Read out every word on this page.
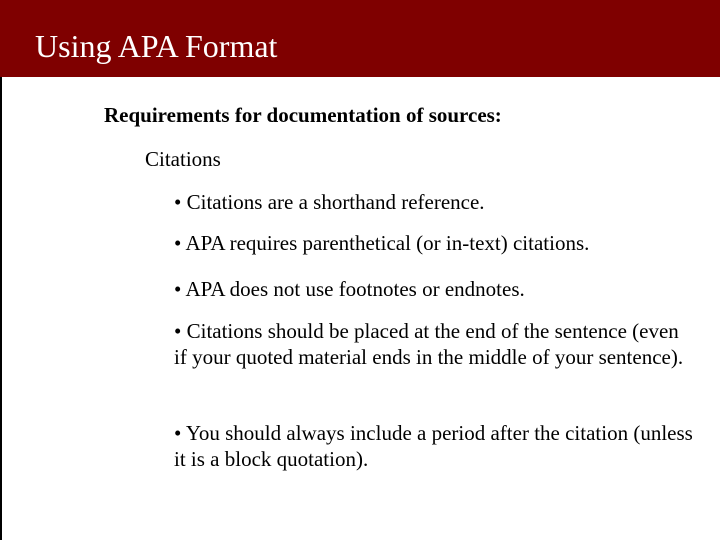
Using APA Format
Requirements for documentation of sources:
Citations
• Citations are a shorthand reference.
• APA requires parenthetical (or in-text) citations.
• APA does not use footnotes or endnotes.
• Citations should be placed at the end of the sentence (even if your quoted material ends in the middle of your sentence).
• You should always include a period after the citation (unless it is a block quotation).
